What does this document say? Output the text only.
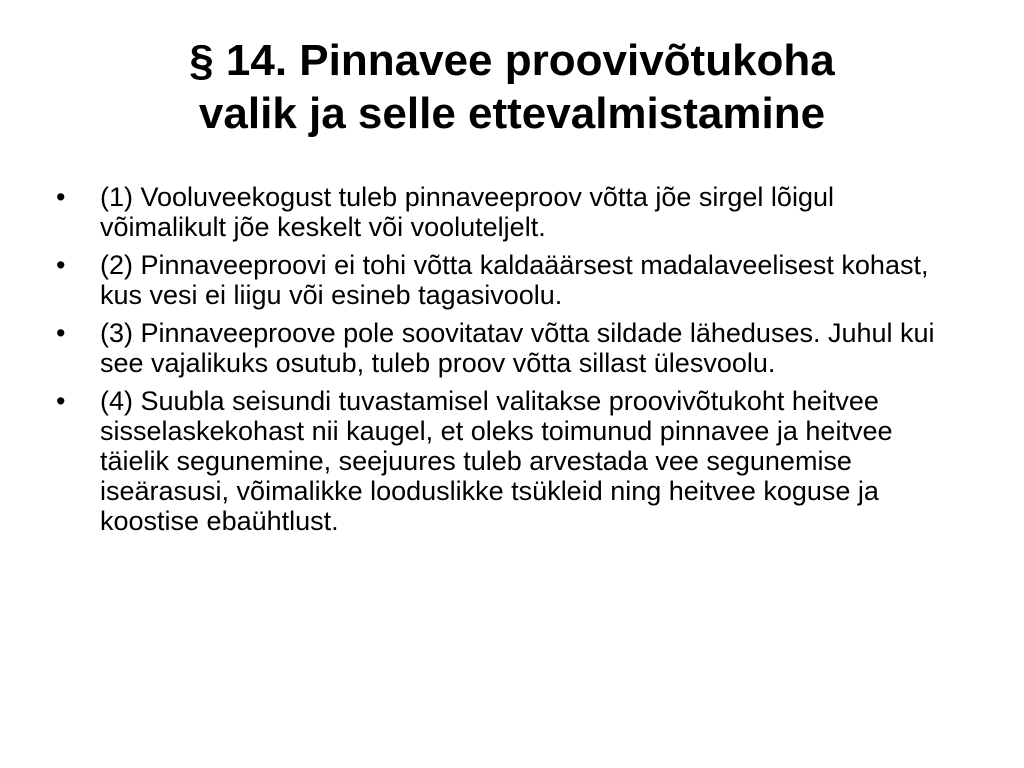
§ 14. Pinnavee proovivõtukoha
valik ja selle ettevalmistamine
• (1) Vooluveekogust tuleb pinnaveeproov võtta jõe sirgel lõigul võimalikult jõe keskelt või vooluteljelt.
• (2) Pinnaveeproovi ei tohi võtta kaldaäärsest madalaveelisest kohast, kus vesi ei liigu või esineb tagasivoolu.
• (3) Pinnaveeproove pole soovitatav võtta sildade läheduses. Juhul kui see vajalikuks osutub, tuleb proov võtta sillast ülesvoolu.
• (4) Suubla seisundi tuvastamisel valitakse proovivõtukoht heitvee sisselaskekohast nii kaugel, et oleks toimunud pinnavee ja heitvee täielik segunemine, seejuures tuleb arvestada vee segunemise iseärasusi, võimalikke looduslikke tsükleid ning heitvee koguse ja koostise ebaühtlust.
